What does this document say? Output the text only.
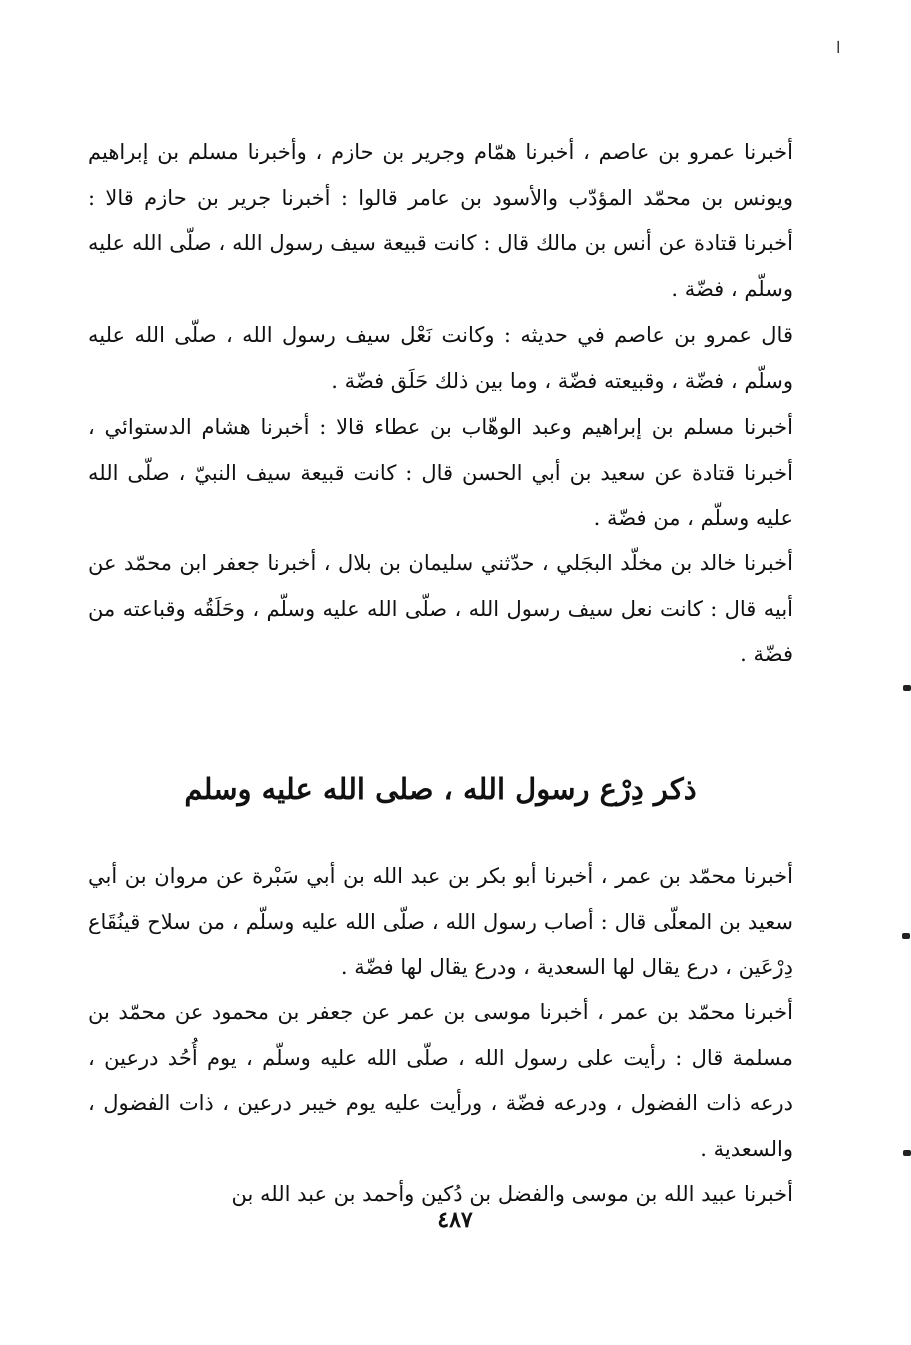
ا

أخبرنا عمرو بن عاصم ، أخبرنا همّام وجرير بن حازم ، وأخبرنا مسلم بن إبراهيم ويونس بن محمّد المؤدّب والأسود بن عامر قالوا : أخبرنا جرير بن حازم قالا : أخبرنا قتادة عن أنس بن مالك قال : كانت قبيعة سيف رسول الله ، صلّى الله عليه وسلّم ، فضّة .

قال عمرو بن عاصم في حديثه : وكانت نَعْل سيف رسول الله ، صلّى الله عليه وسلّم ، فضّة ، وقبيعته فضّة ، وما بين ذلك حَلَق فضّة .

أخبرنا مسلم بن إبراهيم وعبد الوهّاب بن عطاء قالا : أخبرنا هشام الدستوائي ، أخبرنا قتادة عن سعيد بن أبي الحسن قال : كانت قبيعة سيف النبيّ ، صلّى الله عليه وسلّم ، من فضّة .

أخبرنا خالد بن مخلّد البجَلي ، حدّثني سليمان بن بلال ، أخبرنا جعفر ابن محمّد عن أبيه قال : كانت نعل سيف رسول الله ، صلّى الله عليه وسلّم ، وحَلَقُه وقباعته من فضّة .

ذكر دِرْع رسول الله ، صلى الله عليه وسلم

أخبرنا محمّد بن عمر ، أخبرنا أبو بكر بن عبد الله بن أبي سَبْرة عن مروان بن أبي سعيد بن المعلّى قال : أصاب رسول الله ، صلّى الله عليه وسلّم ، من سلاح قينُقَاع دِرْعَين ، درع يقال لها السعدية ، ودرع يقال لها فضّة .

أخبرنا محمّد بن عمر ، أخبرنا موسى بن عمر عن جعفر بن محمود عن محمّد بن مسلمة قال : رأيت على رسول الله ، صلّى الله عليه وسلّم ، يوم أُحُد درعين ، درعه ذات الفضول ، ودرعه فضّة ، ورأيت عليه يوم خيبر درعين ، ذات الفضول ، والسعدية .

أخبرنا عبيد الله بن موسى والفضل بن دُكين وأحمد بن عبد الله بن

٤٨٧
